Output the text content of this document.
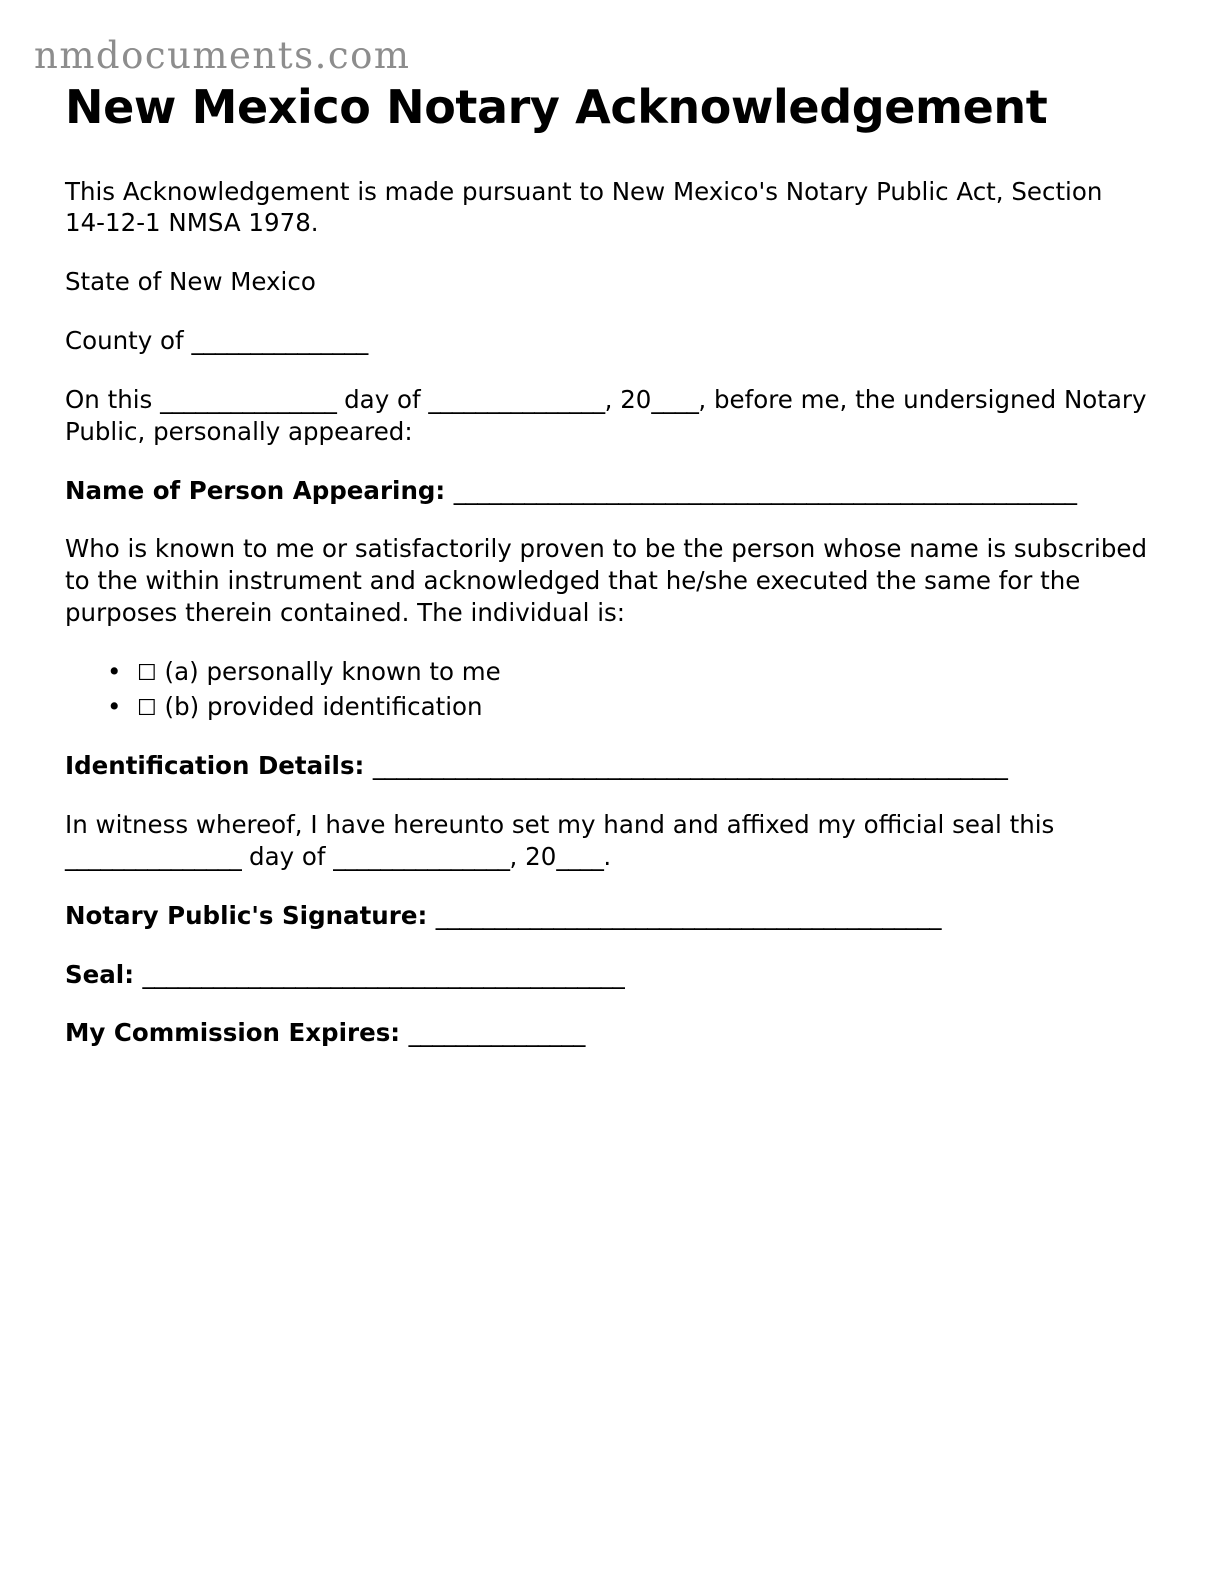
nmdocuments.com
New Mexico Notary Acknowledgement

This Acknowledgement is made pursuant to New Mexico's Notary Public Act, Section 14-12-1 NMSA 1978.

State of New Mexico

County of _______________

On this _______________ day of _______________, 20____, before me, the undersigned Notary Public, personally appeared:

Name of Person Appearing: _____________________________________________________

Who is known to me or satisfactorily proven to be the person whose name is subscribed to the within instrument and acknowledged that he/she executed the same for the purposes therein contained. The individual is:

• ☐ (a) personally known to me
• ☐ (b) provided identification

Identification Details: ______________________________________________________

In witness whereof, I have hereunto set my hand and affixed my official seal this _______________ day of _______________, 20____.

Notary Public's Signature: ___________________________________________

Seal: _________________________________________

My Commission Expires: _______________
